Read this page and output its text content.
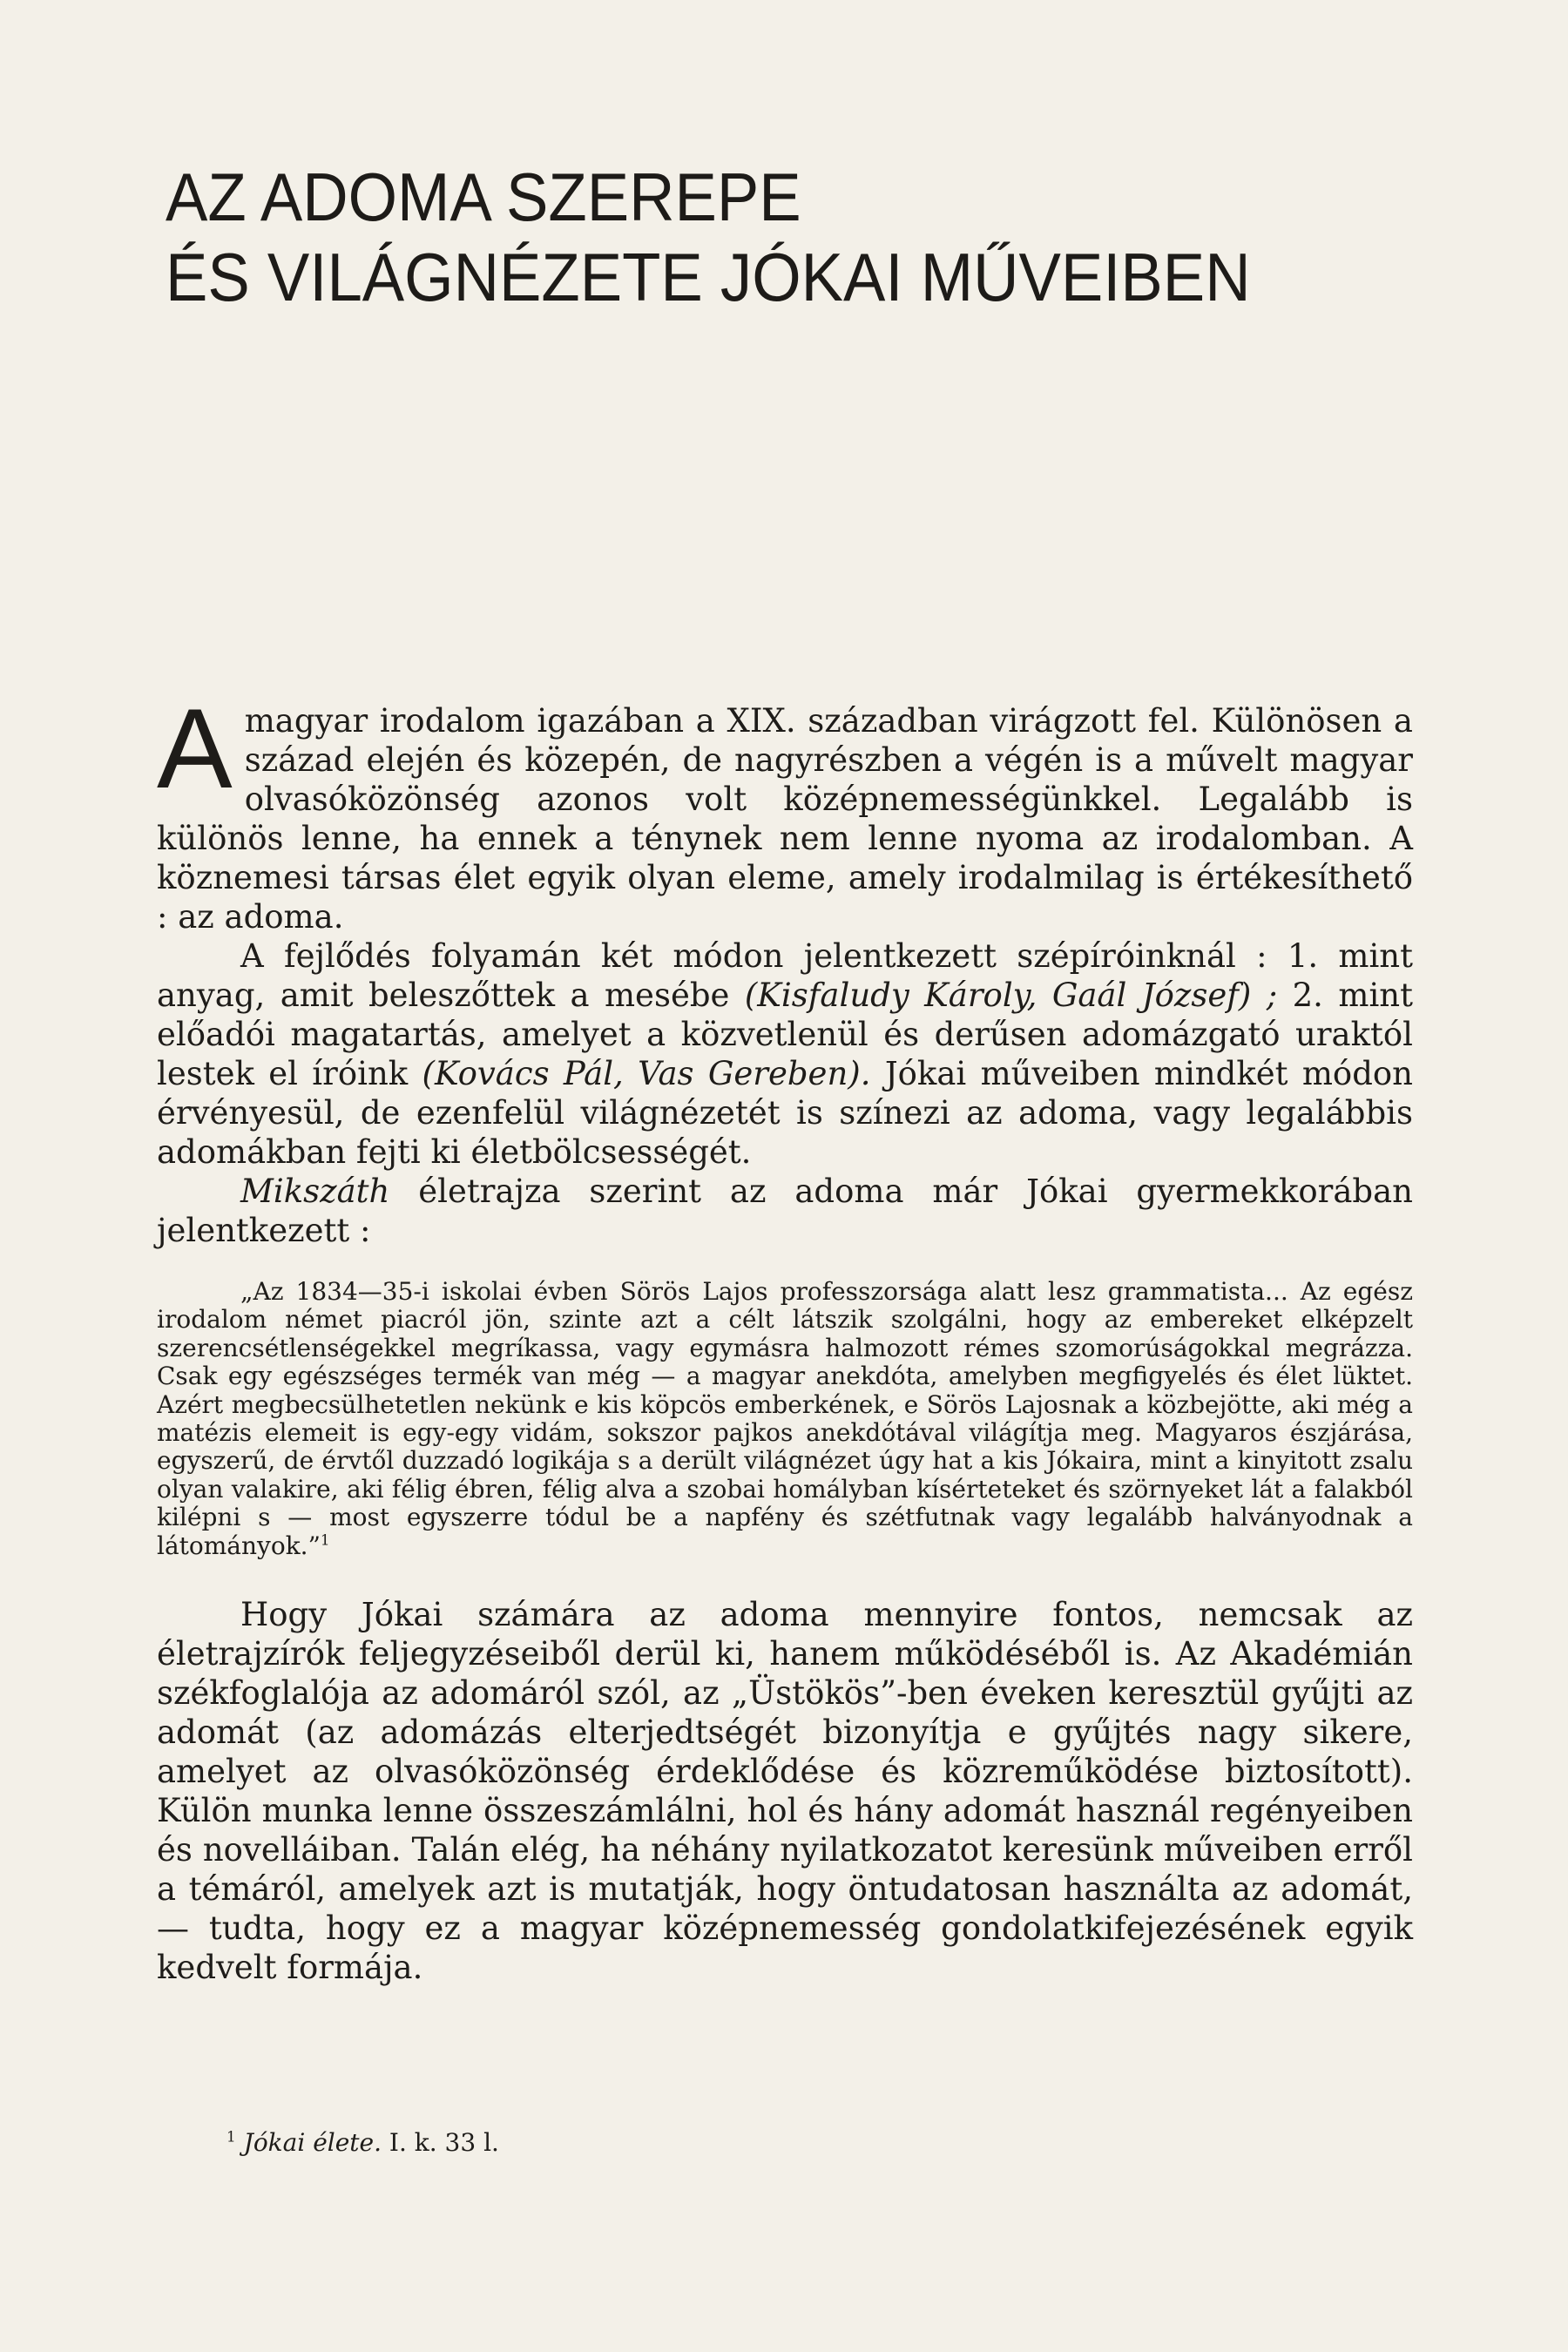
AZ ADOMA SZEREPE
ÉS VILÁGNÉZETE JÓKAI MŰVEIBEN

A magyar irodalom igazában a XIX. században virágzott fel. Különösen a század elején és közepén, de nagyrészben a végén is a művelt magyar olvasóközönség azonos volt középnemességünkkel. Legalább is különös lenne, ha ennek a ténynek nem lenne nyoma az irodalomban. A köznemesi társas élet egyik olyan eleme, amely irodalmilag is értékesíthető : az adoma.

A fejlődés folyamán két módon jelentkezett szépíróinknál : 1. mint anyag, amit beleszőttek a mesébe (Kisfaludy Károly, Gaál József) ; 2. mint előadói magatartás, amelyet a közvetlenül és derűsen adomázgató uraktól lestek el íróink (Kovács Pál, Vas Gereben). Jókai műveiben mindkét módon érvényesül, de ezenfelül világnézetét is színezi az adoma, vagy legalábbis adomákban fejti ki életbölcsességét.

Mikszáth életrajza szerint az adoma már Jókai gyermekkorában jelentkezett :

„Az 1834—35-i iskolai évben Sörös Lajos professzorsága alatt lesz grammatista... Az egész irodalom német piacról jön, szinte azt a célt látszik szolgálni, hogy az embereket elképzelt szerencsétlenségekkel megríkassa, vagy egymásra halmozott rémes szomorúságokkal megrázza. Csak egy egészséges termék van még — a magyar anekdóta, amelyben megfigyelés és élet lüktet. Azért megbecsülhetetlen nekünk e kis köpcös emberkének, e Sörös Lajosnak a közbejötte, aki még a matézis elemeit is egy-egy vidám, sokszor pajkos anekdótával világítja meg. Magyaros észjárása, egyszerű, de érvtől duzzadó logikája s a derült világnézet úgy hat a kis Jókaira, mint a kinyitott zsalu olyan valakire, aki félig ébren, félig alva a szobai homályban kísérteteket és szörnyeket lát a falakból kilépni s — most egyszerre tódul be a napfény és szétfutnak vagy legalább halványodnak a látományok.”$^1$

Hogy Jókai számára az adoma mennyire fontos, nemcsak az életrajzírók feljegyzéseiből derül ki, hanem működéséből is. Az Akadémián székfoglalója az adomáról szól, az „Üstökös”-ben éveken keresztül gyűjti az adomát (az adomázás elterjedtségét bizonyítja e gyűjtés nagy sikere, amelyet az olvasóközönség érdeklődése és közreműködése biztosított). Külön munka lenne összeszámlálni, hol és hány adomát használ regényeiben és novelláiban. Talán elég, ha néhány nyilatkozatot keresünk műveiben erről a témáról, amelyek azt is mutatják, hogy öntudatosan használta az adomát, — tudta, hogy ez a magyar középnemesség gondolatkifejezésének egyik kedvelt formája.

$^1$ Jókai élete. I. k. 33 l.
